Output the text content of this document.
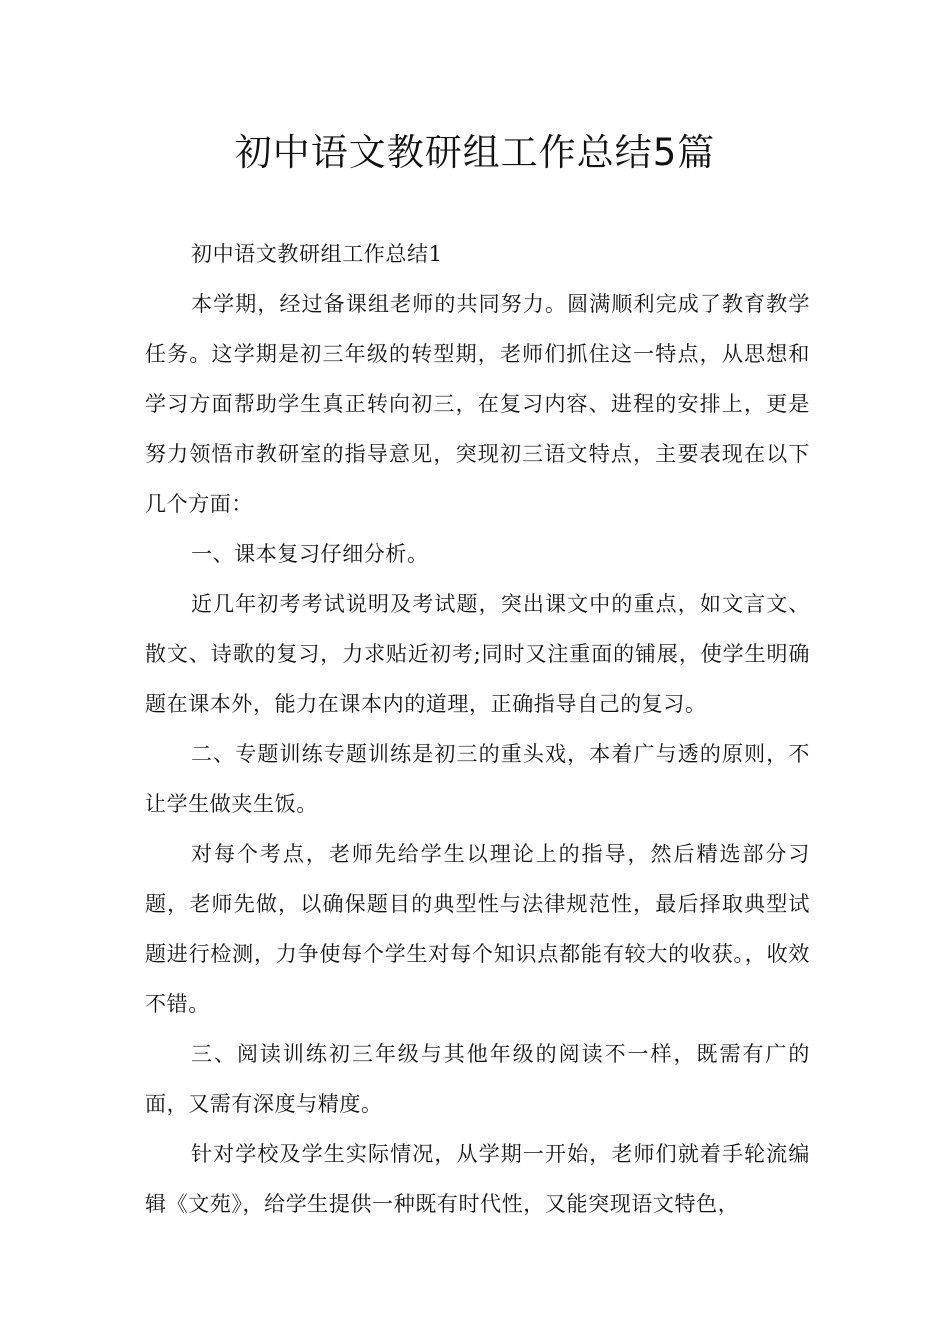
初中语文教研组工作总结5篇

初中语文教研组工作总结1

本学期，经过备课组老师的共同努力。圆满顺利完成了教育教学任务。这学期是初三年级的转型期，老师们抓住这一特点，从思想和学习方面帮助学生真正转向初三，在复习内容、进程的安排上，更是努力领悟市教研室的指导意见，突现初三语文特点，主要表现在以下几个方面：

一、课本复习仔细分析。

近几年初考考试说明及考试题，突出课文中的重点，如文言文、散文、诗歌的复习，力求贴近初考;同时又注重面的铺展，使学生明确题在课本外，能力在课本内的道理，正确指导自己的复习。

二、专题训练专题训练是初三的重头戏，本着广与透的原则，不让学生做夹生饭。

对每个考点，老师先给学生以理论上的指导，然后精选部分习题，老师先做，以确保题目的典型性与法律规范性，最后择取典型试题进行检测，力争使每个学生对每个知识点都能有较大的收获。，收效不错。

三、阅读训练初三年级与其他年级的阅读不一样，既需有广的面，又需有深度与精度。

针对学校及学生实际情况，从学期一开始，老师们就着手轮流编辑《文苑》，给学生提供一种既有时代性，又能突现语文特色，
